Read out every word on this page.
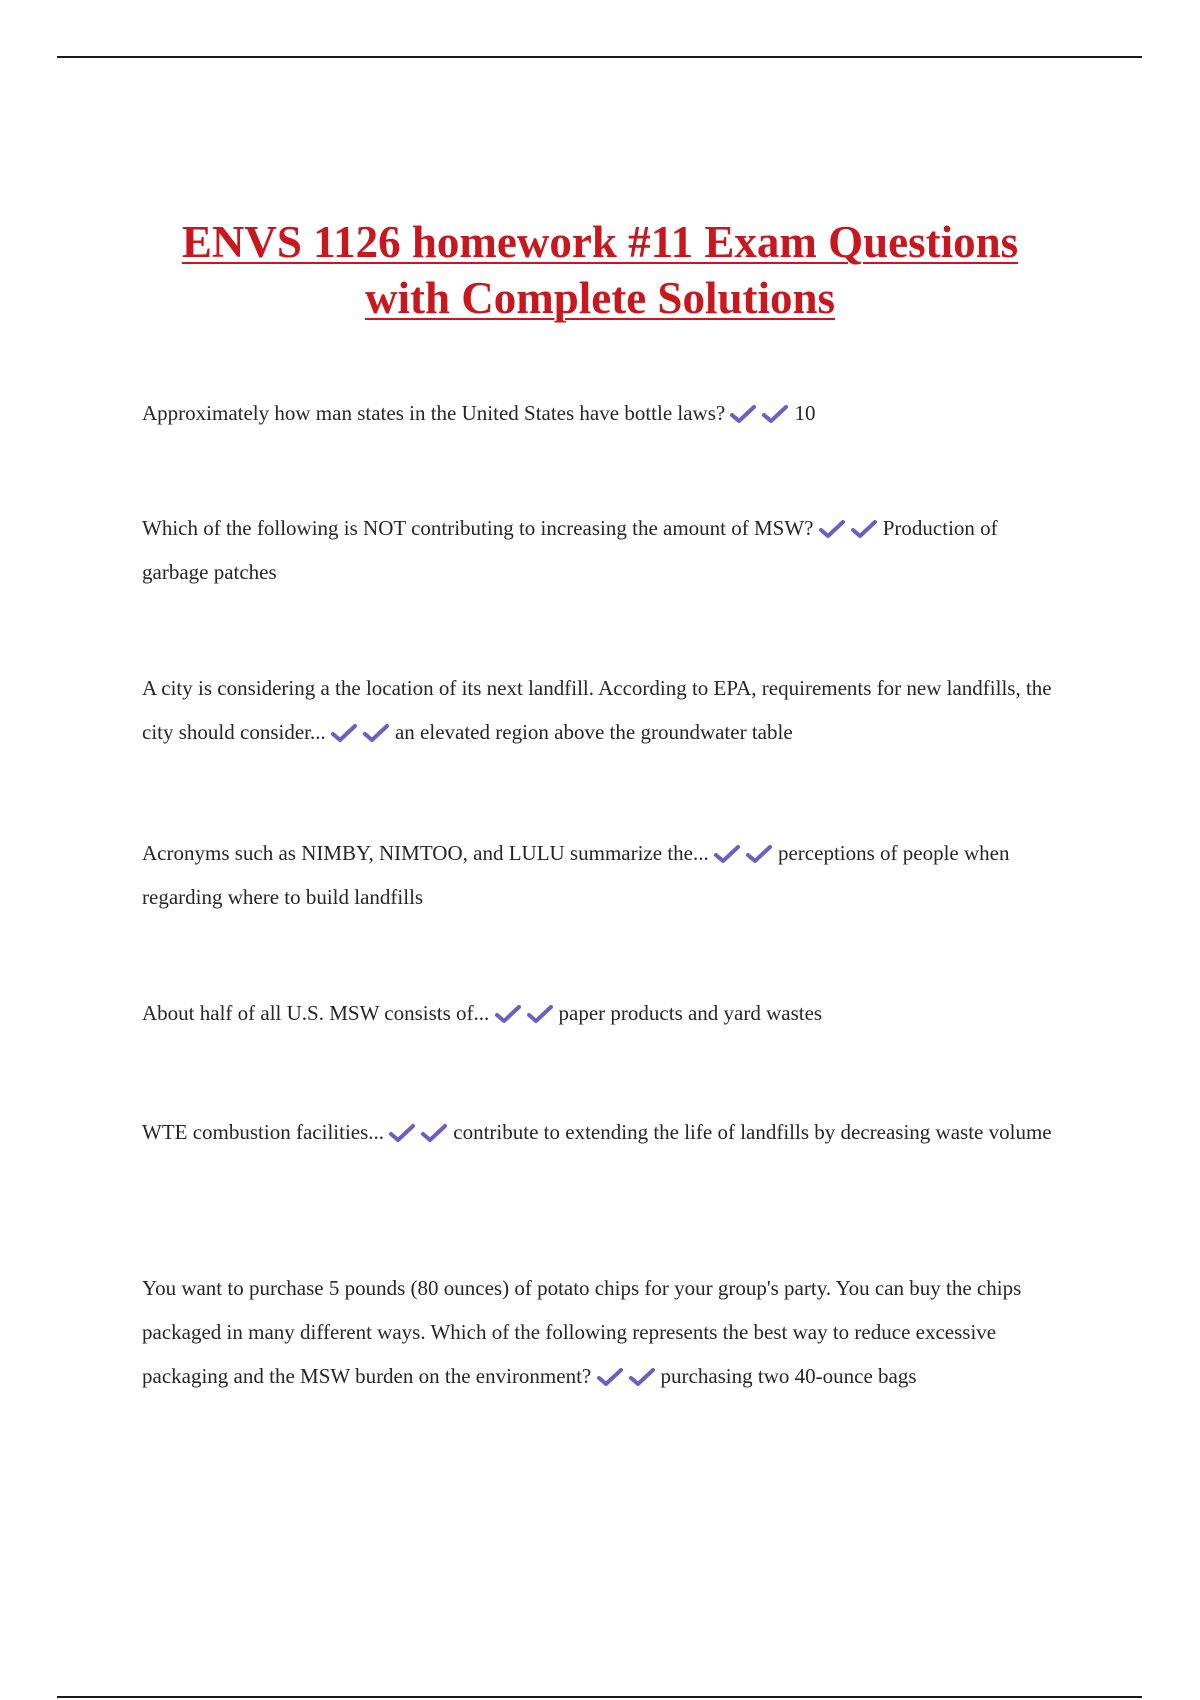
ENVS 1126 homework #11 Exam Questions
with Complete Solutions

Approximately how man states in the United States have bottle laws?	10

Which of the following is NOT contributing to increasing the amount of MSW?	Production of garbage patches

A city is considering a the location of its next landfill. According to EPA, requirements for new landfills, the city should consider...	an elevated region above the groundwater table

Acronyms such as NIMBY, NIMTOO, and LULU summarize the...	perceptions of people when regarding where to build landfills

About half of all U.S. MSW consists of...	paper products and yard wastes

WTE combustion facilities...	contribute to extending the life of landfills by decreasing waste volume

You want to purchase 5 pounds (80 ounces) of potato chips for your group's party. You can buy the chips packaged in many different ways. Which of the following represents the best way to reduce excessive packaging and the MSW burden on the environment?	purchasing two 40-ounce bags
